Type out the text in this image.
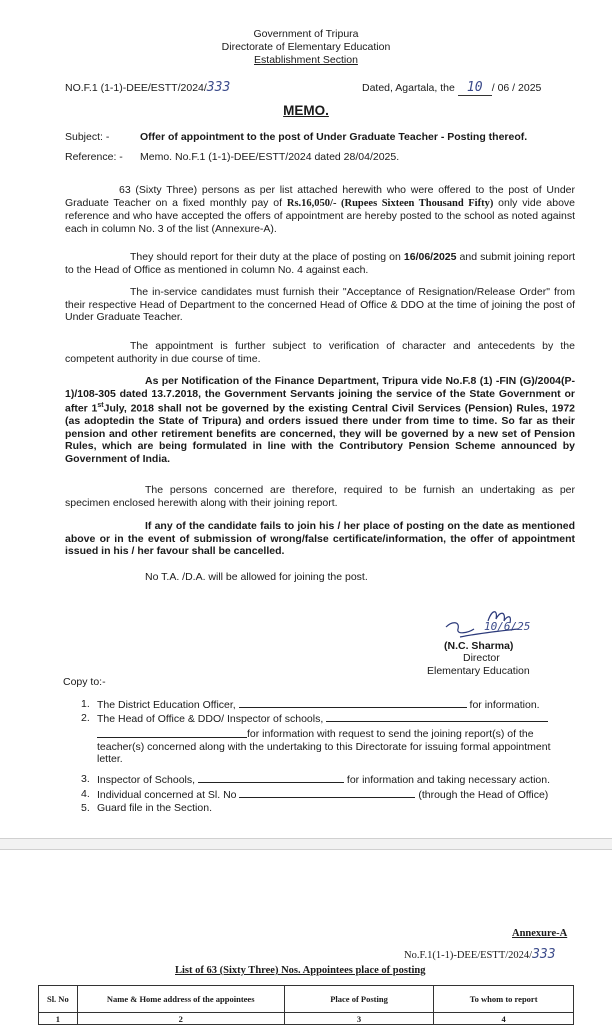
Government of Tripura
Directorate of Elementary Education
Establishment Section
NO.F.1 (1-1)-DEE/ESTT/2024/333	Dated, Agartala, the 10 / 06 / 2025
MEMO.
Subject: -	Offer of appointment to the post of Under Graduate Teacher - Posting thereof.
Reference: - Memo. No.F.1 (1-1)-DEE/ESTT/2024 dated 28/04/2025.
63 (Sixty Three) persons as per list attached herewith who were offered to the post of Under Graduate Teacher on a fixed monthly pay of Rs.16,050/- (Rupees Sixteen Thousand Fifty) only vide above reference and who have accepted the offers of appointment are hereby posted to the school as noted against each in column No. 3 of the list (Annexure-A).
They should report for their duty at the place of posting on 16/06/2025 and submit joining report to the Head of Office as mentioned in column No. 4 against each.
The in-service candidates must furnish their "Acceptance of Resignation/Release Order" from their respective Head of Department to the concerned Head of Office & DDO at the time of joining the post of Under Graduate Teacher.
The appointment is further subject to verification of character and antecedents by the competent authority in due course of time.
As per Notification of the Finance Department, Tripura vide No.F.8 (1) -FIN (G)/2004(P-1)/108-305 dated 13.7.2018, the Government Servants joining the service of the State Government or after 1stJuly, 2018 shall not be governed by the existing Central Civil Services (Pension) Rules, 1972 (as adoptedin the State of Tripura) and orders issued there under from time to time. So far as their pension and other retirement benefits are concerned, they will be governed by a new set of Pension Rules, which are being formulated in line with the Contributory Pension Scheme announced by Government of India.
The persons concerned are therefore, required to be furnish an undertaking as per specimen enclosed herewith along with their joining report.
If any of the candidate fails to join his / her place of posting on the date as mentioned above or in the event of submission of wrong/false certificate/information, the offer of appointment issued in his / her favour shall be cancelled.
No T.A. /D.A. will be allowed for joining the post.
10/6/25
(N.C. Sharma)
Director
Elementary Education
Copy to:-
1. The District Education Officer,	for information.
2. The Head of Office & DDO/ Inspector of schools,
for information with request to send the joining report(s) of the teacher(s) concerned along with the undertaking to this Directorate for issuing formal appointment letter.
3. Inspector of Schools,	for information and taking necessary action.
4. Individual concerned at Sl. No	(through the Head of Office)
5. Guard file in the Section.
Annexure-A
No.F.1(1-1)-DEE/ESTT/2024/333
List of 63 (Sixty Three) Nos. Appointees place of posting
Sl. No	Name & Home address of the appointees	Place of Posting	To whom to report
1	2	3	4
